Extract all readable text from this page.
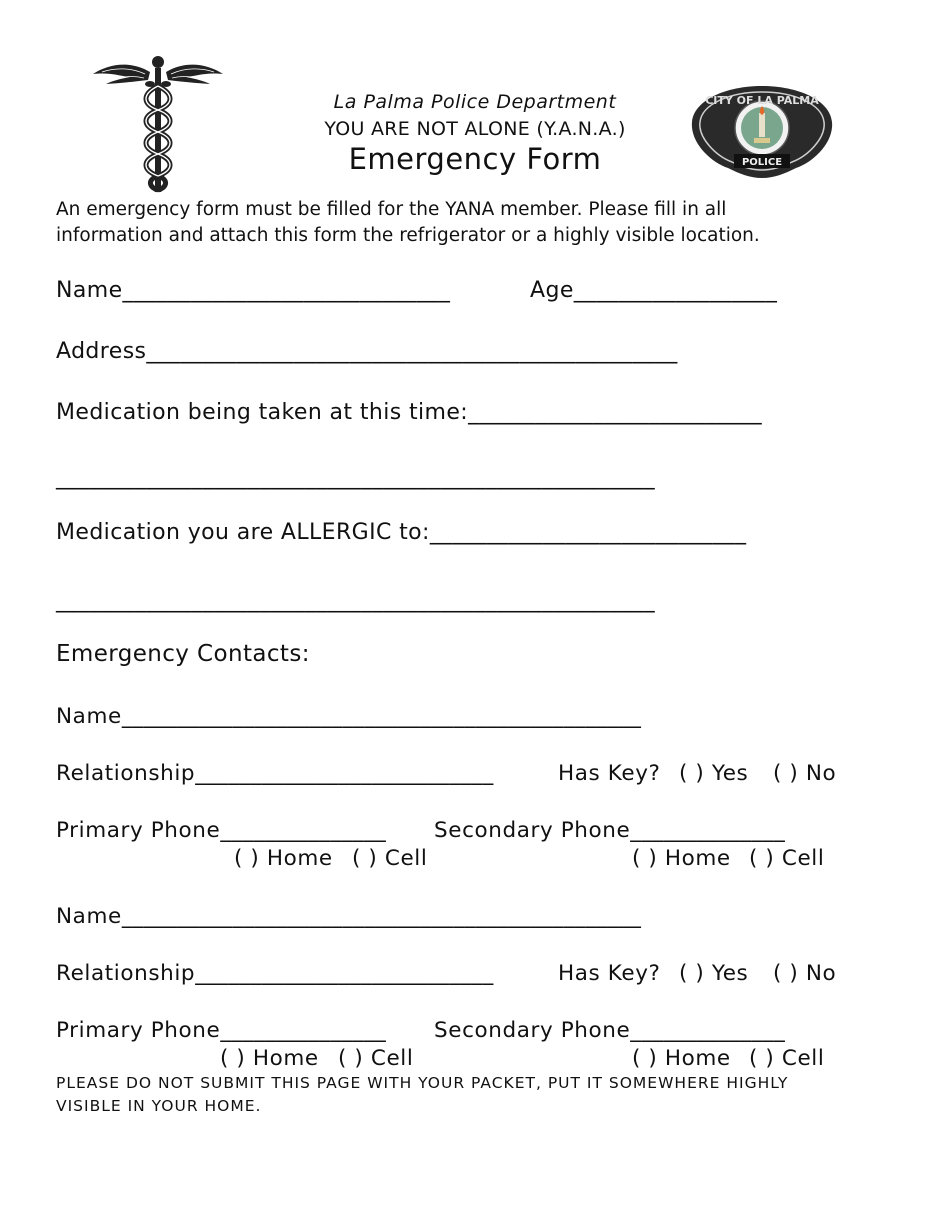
CITY OF LA PALMA
POLICE
La Palma Police Department
YOU ARE NOT ALONE (Y.A.N.A.)
Emergency Form
An emergency form must be filled for the YANA member. Please fill in all
information and attach this form the refrigerator or a highly visible location.
Name_____________________________	Age__________________
Address_______________________________________________
Medication being taken at this time:__________________________
_____________________________________________________
Medication you are ALLERGIC to:____________________________
_____________________________________________________
Emergency Contacts:
Name_______________________________________________
Relationship___________________________	Has Key? ( ) Yes ( ) No
Primary Phone_______________ Secondary Phone______________
( ) Home ( ) Cell	( ) Home ( ) Cell
Name_______________________________________________
Relationship___________________________	Has Key? ( ) Yes ( ) No
Primary Phone_______________ Secondary Phone______________
( ) Home ( ) Cell	( ) Home ( ) Cell
PLEASE DO NOT SUBMIT THIS PAGE WITH YOUR PACKET, PUT IT SOMEWHERE HIGHLY
VISIBLE IN YOUR HOME.
